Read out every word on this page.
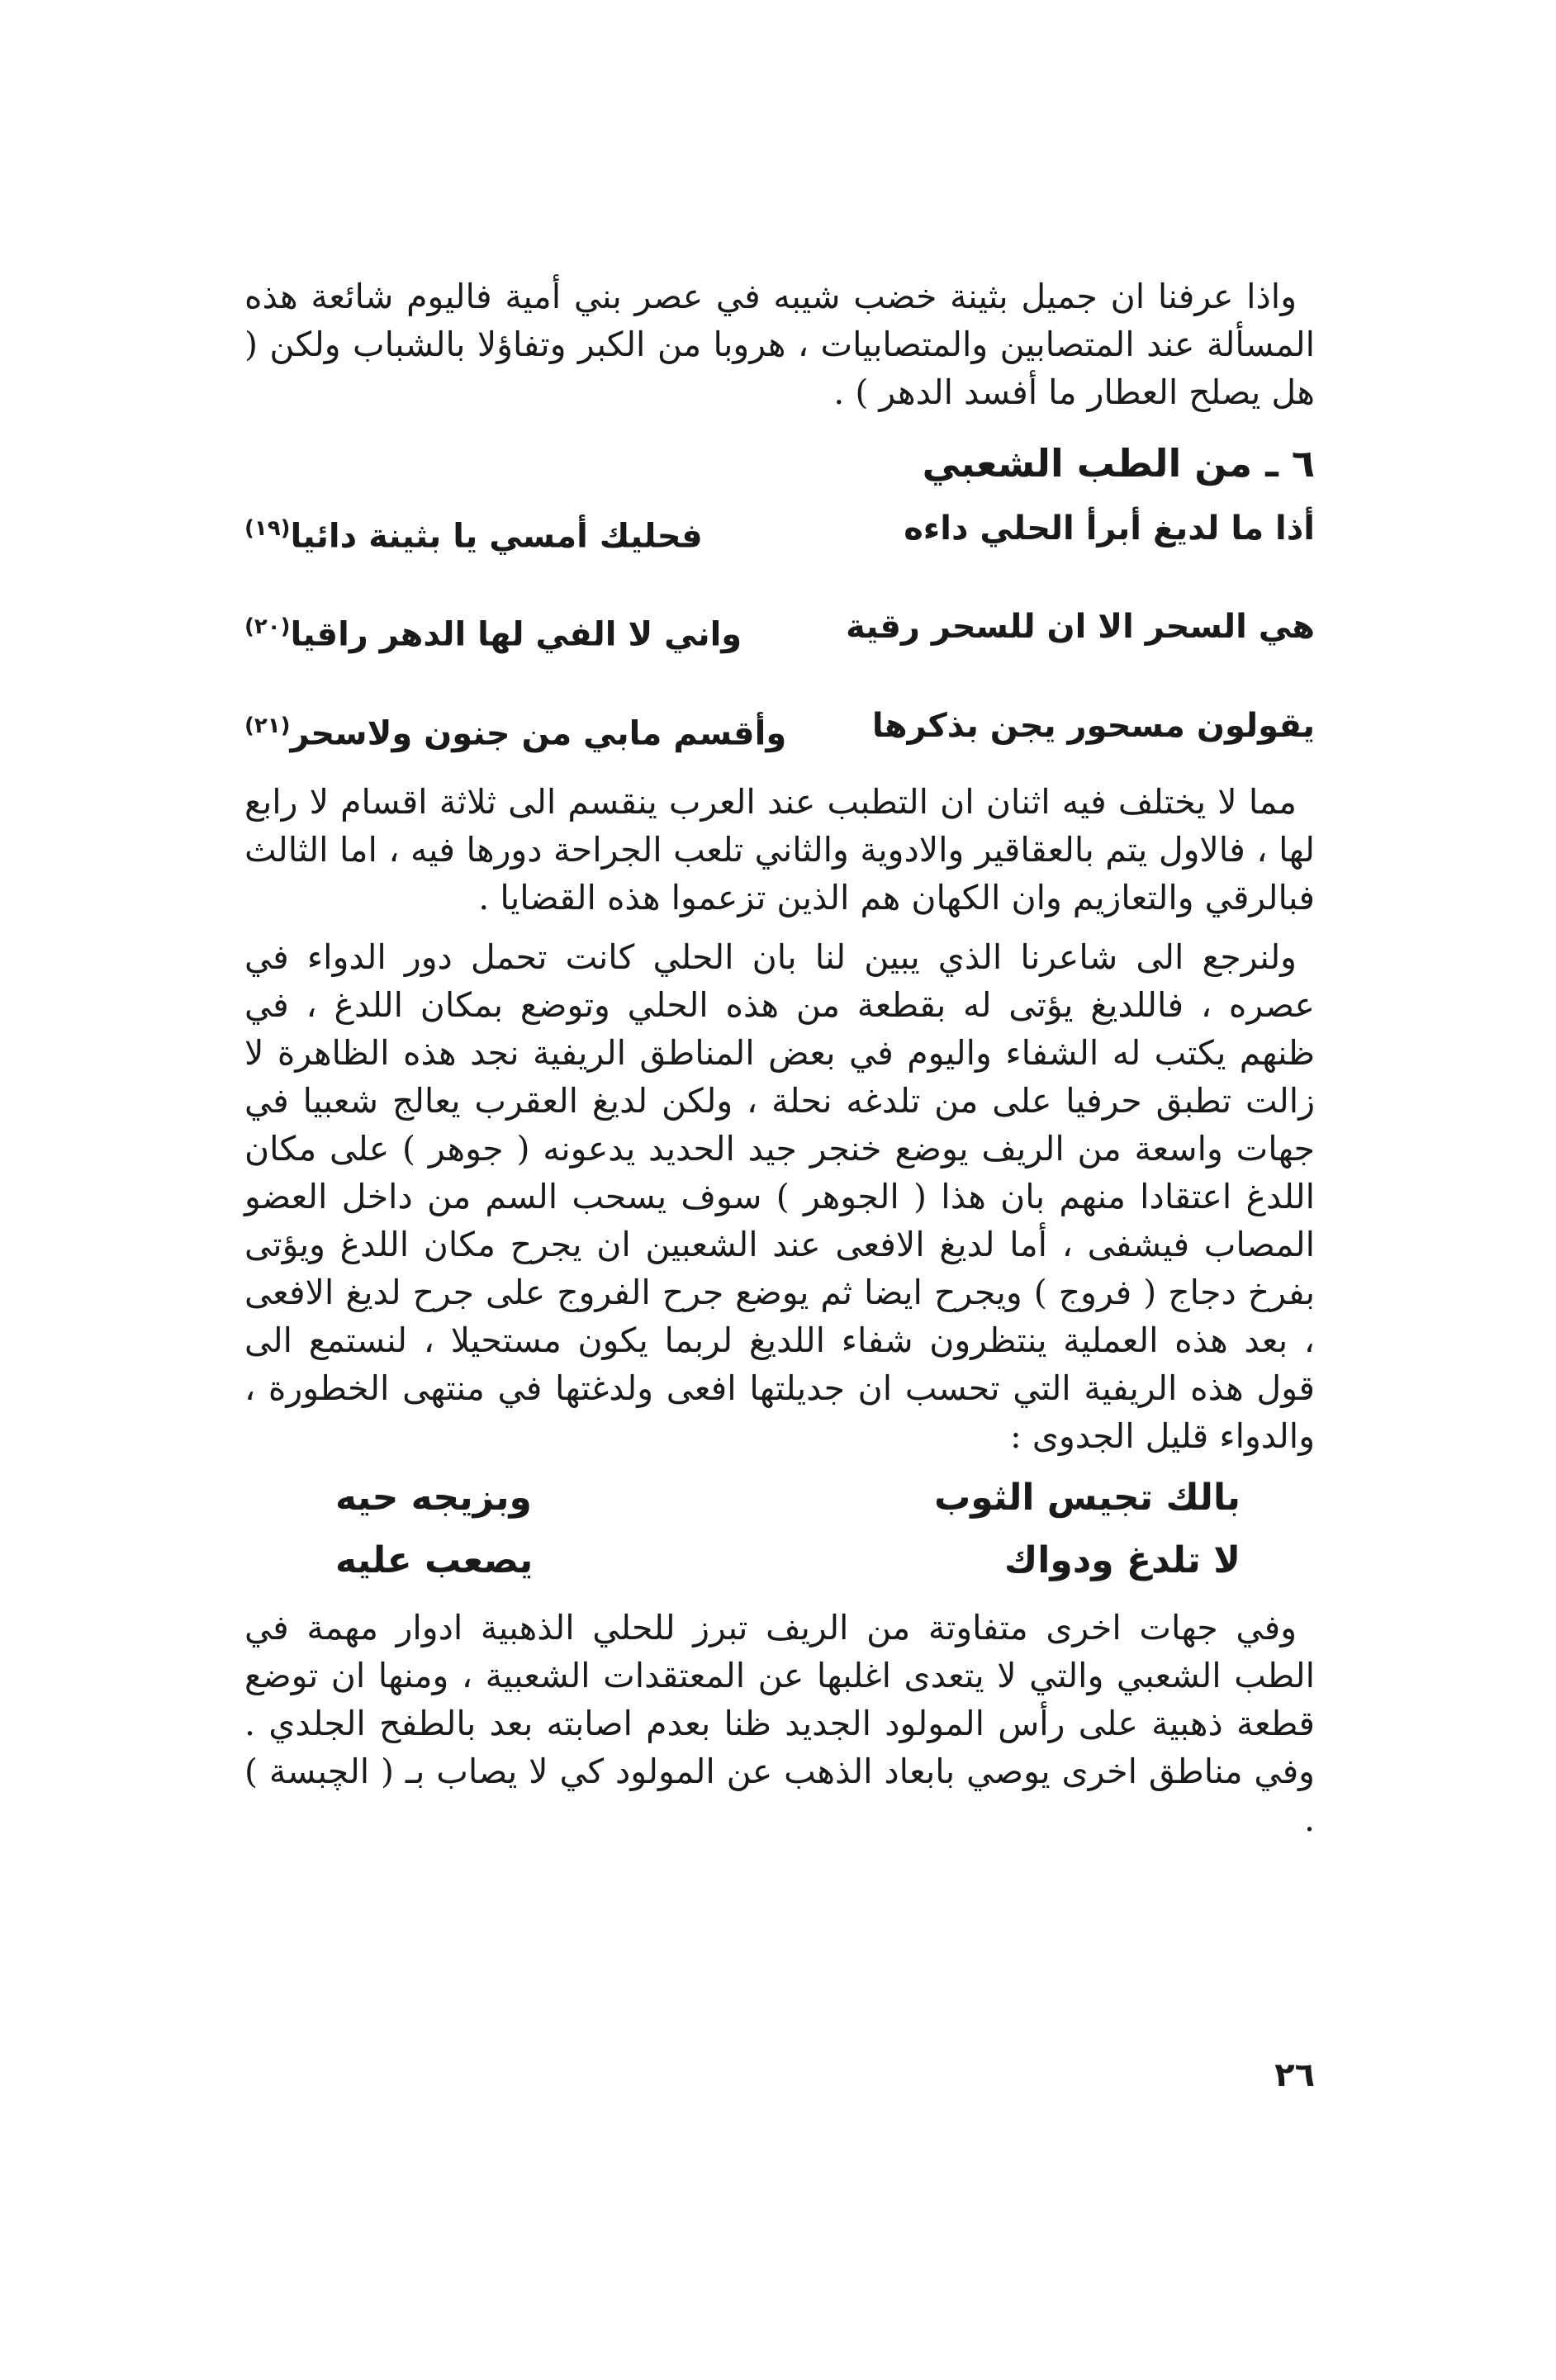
واذا عرفنا ان جميل بثينة خضب شيبه في عصر بني أمية فاليوم شائعة هذه المسألة عند المتصابين والمتصابيات ، هروبا من الكبر وتفاؤلا بالشباب ولكن ( هل يصلح العطار ما أفسد الدهر ) .

٦ ـ من الطب الشعبي
أذا ما لديغ أبرأ الحلي داءه
فحليك أمسي يا بثينة دائيا$^{(١٩)}$
هي السحر الا ان للسحر رقية
واني لا الفي لها الدهر راقيا$^{(٢٠)}$
يقولون مسحور يجن بذكرها
وأقسم مابي من جنون ولاسحر$^{(٢١)}$

مما لا يختلف فيه اثنان ان التطبب عند العرب ينقسم الى ثلاثة اقسام لا رابع لها ، فالاول يتم بالعقاقير والادوية والثاني تلعب الجراحة دورها فيه ، اما الثالث فبالرقي والتعازيم وان الكهان هم الذين تزعموا هذه القضايا .

ولنرجع الى شاعرنا الذي يبين لنا بان الحلي كانت تحمل دور الدواء في عصره ، فاللديغ يؤتى له بقطعة من هذه الحلي وتوضع بمكان اللدغ ، في ظنهم يكتب له الشفاء واليوم في بعض المناطق الريفية نجد هذه الظاهرة لا زالت تطبق حرفيا على من تلدغه نحلة ، ولكن لديغ العقرب يعالج شعبيا في جهات واسعة من الريف يوضع خنجر جيد الحديد يدعونه ( جوهر ) على مكان اللدغ اعتقادا منهم بان هذا ( الجوهر ) سوف يسحب السم من داخل العضو المصاب فيشفى ، أما لديغ الافعى عند الشعبين ان يجرح مكان اللدغ ويؤتى بفرخ دجاج ( فروج ) ويجرح ايضا ثم يوضع جرح الفروج على جرح لديغ الافعى ، بعد هذه العملية ينتظرون شفاء اللديغ لربما يكون مستحيلا ، لنستمع الى قول هذه الريفية التي تحسب ان جديلتها افعى ولدغتها في منتهى الخطورة ، والدواء قليل الجدوى :

بالك تجيس الثوب
وبزيجه حيه
لا تلدغ ودواك
يصعب عليه

وفي جهات اخرى متفاوتة من الريف تبرز للحلي الذهبية ادوار مهمة في الطب الشعبي والتي لا يتعدى اغلبها عن المعتقدات الشعبية ، ومنها ان توضع قطعة ذهبية على رأس المولود الجديد ظنا بعدم اصابته بعد بالطفح الجلدي . وفي مناطق اخرى يوصي بابعاد الذهب عن المولود كي لا يصاب بـ ( الچبسة ) .

٢٦
